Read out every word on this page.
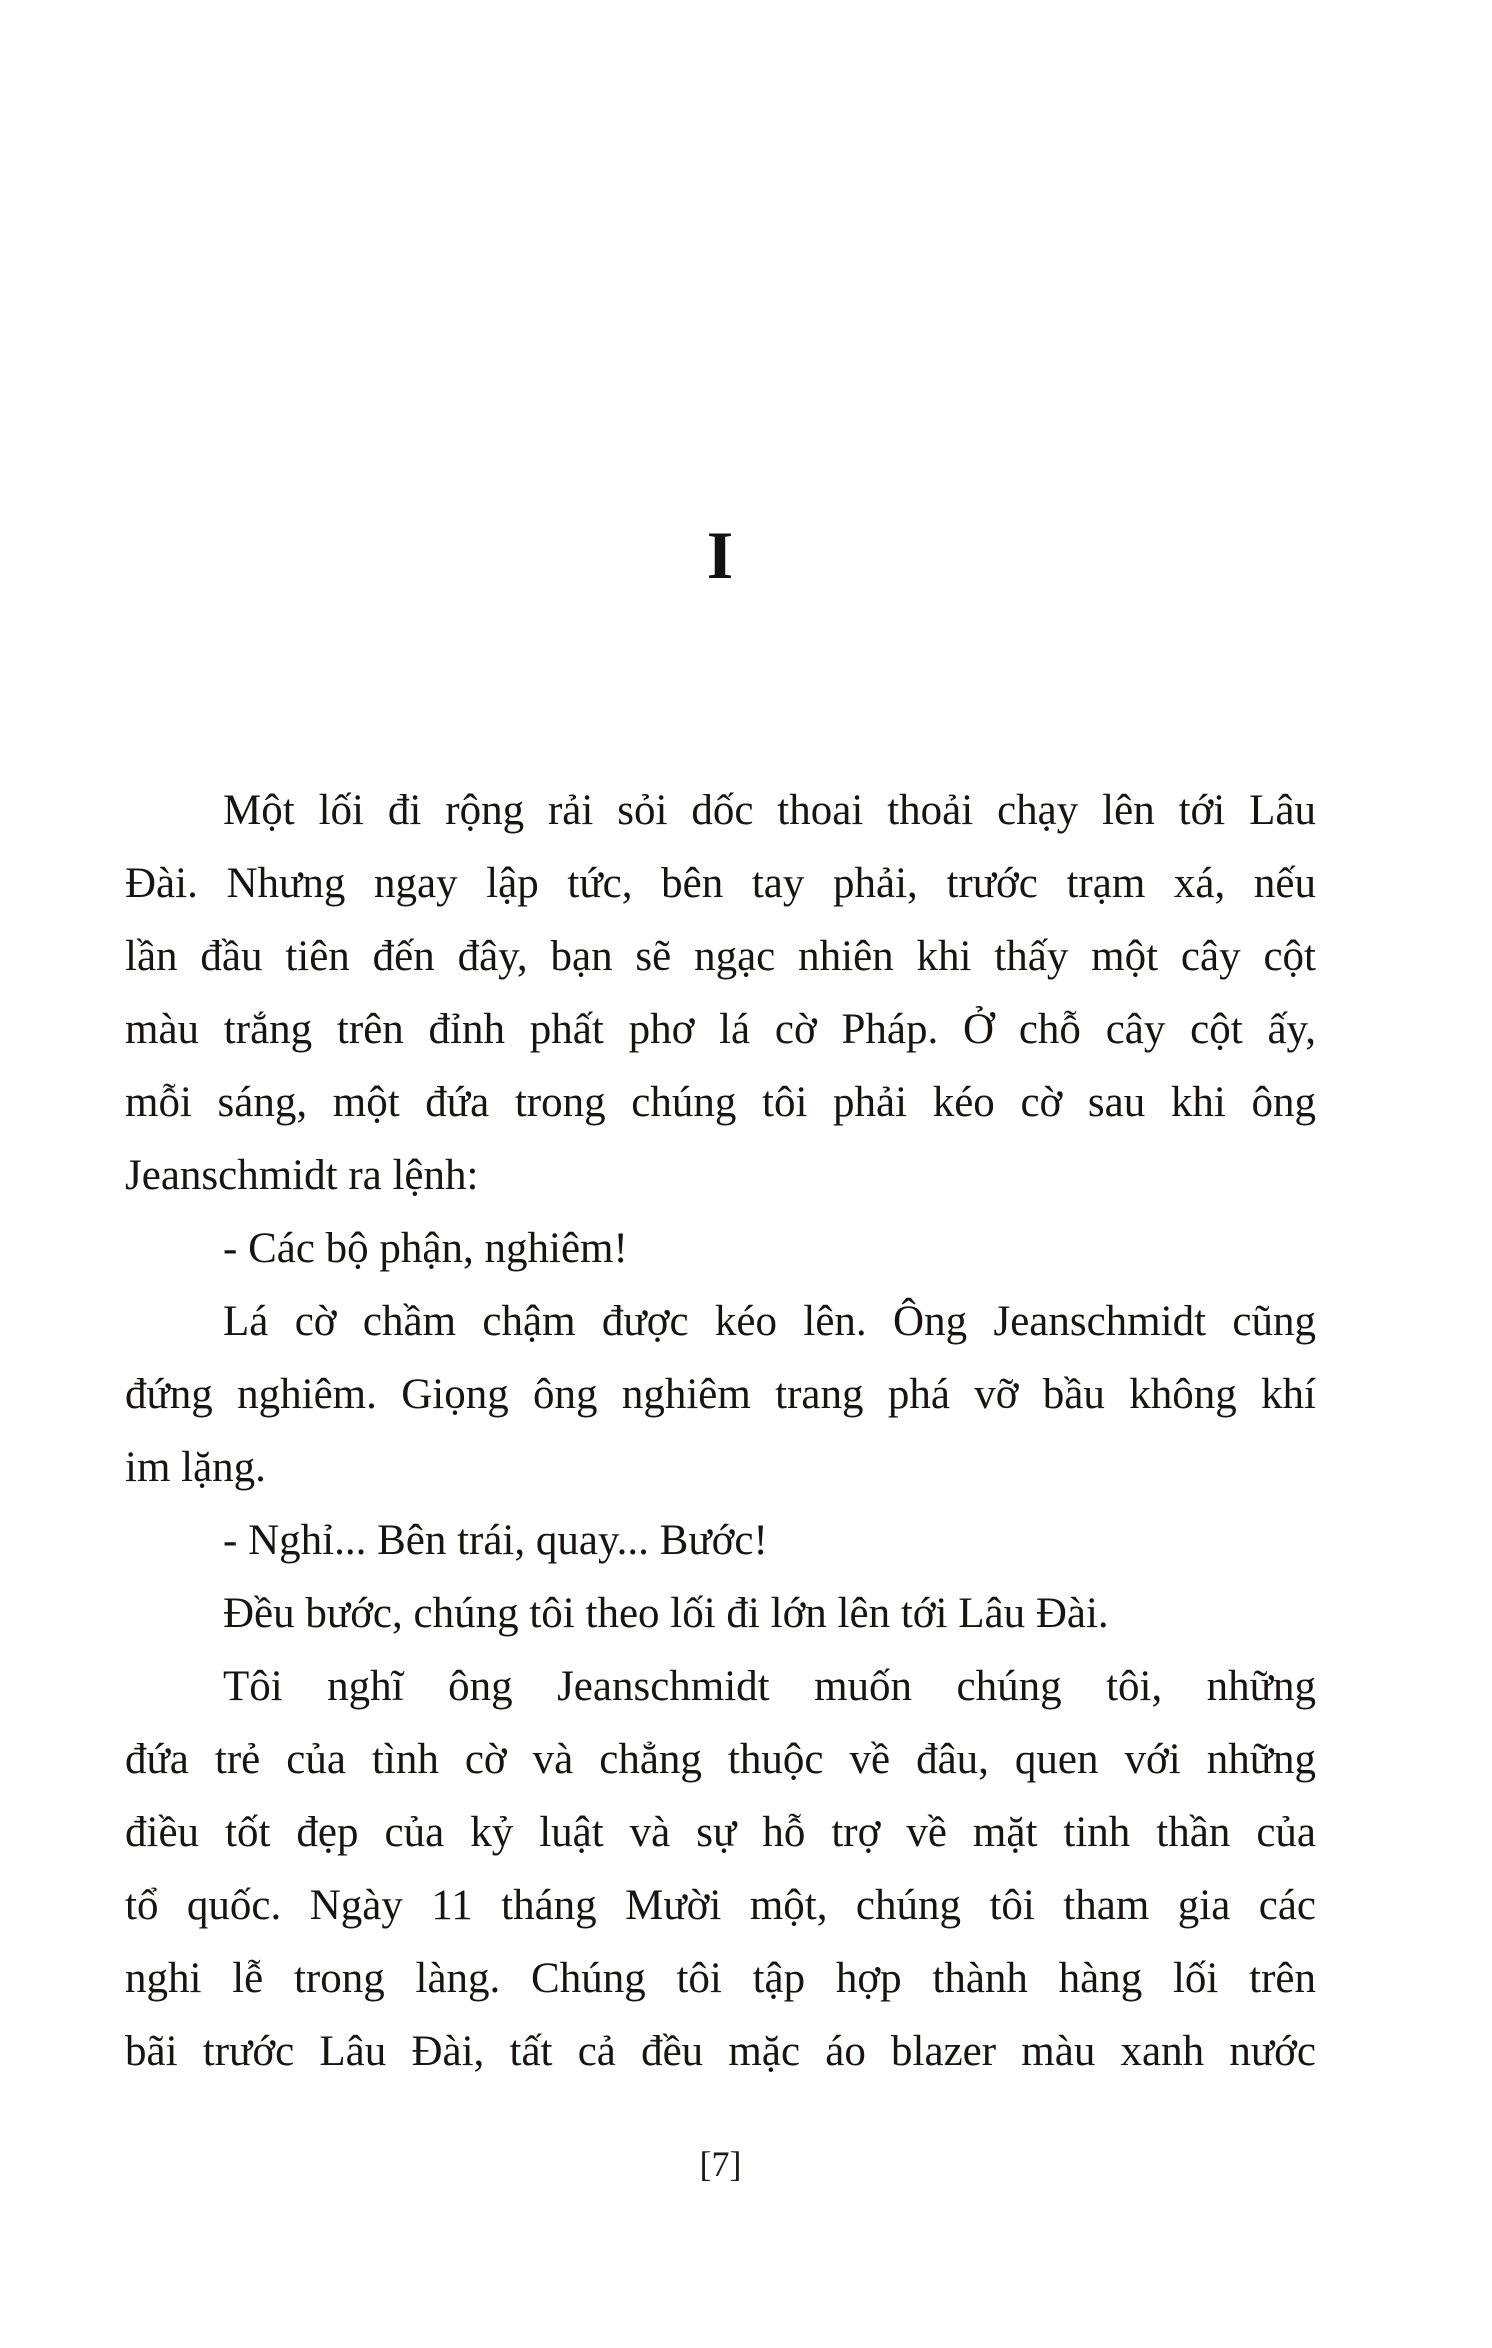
I
Một lối đi rộng rải sỏi dốc thoai thoải chạy lên tới Lâu
Đài. Nhưng ngay lập tức, bên tay phải, trước trạm xá, nếu
lần đầu tiên đến đây, bạn sẽ ngạc nhiên khi thấy một cây cột
màu trắng trên đỉnh phất phơ lá cờ Pháp. Ở chỗ cây cột ấy,
mỗi sáng, một đứa trong chúng tôi phải kéo cờ sau khi ông
Jeanschmidt ra lệnh:
- Các bộ phận, nghiêm!
Lá cờ chầm chậm được kéo lên. Ông Jeanschmidt cũng
đứng nghiêm. Giọng ông nghiêm trang phá vỡ bầu không khí
im lặng.
- Nghỉ... Bên trái, quay... Bước!
Đều bước, chúng tôi theo lối đi lớn lên tới Lâu Đài.
Tôi nghĩ ông Jeanschmidt muốn chúng tôi, những
đứa trẻ của tình cờ và chẳng thuộc về đâu, quen với những
điều tốt đẹp của kỷ luật và sự hỗ trợ về mặt tinh thần của
tổ quốc. Ngày 11 tháng Mười một, chúng tôi tham gia các
nghi lễ trong làng. Chúng tôi tập hợp thành hàng lối trên
bãi trước Lâu Đài, tất cả đều mặc áo blazer màu xanh nước
[7]
